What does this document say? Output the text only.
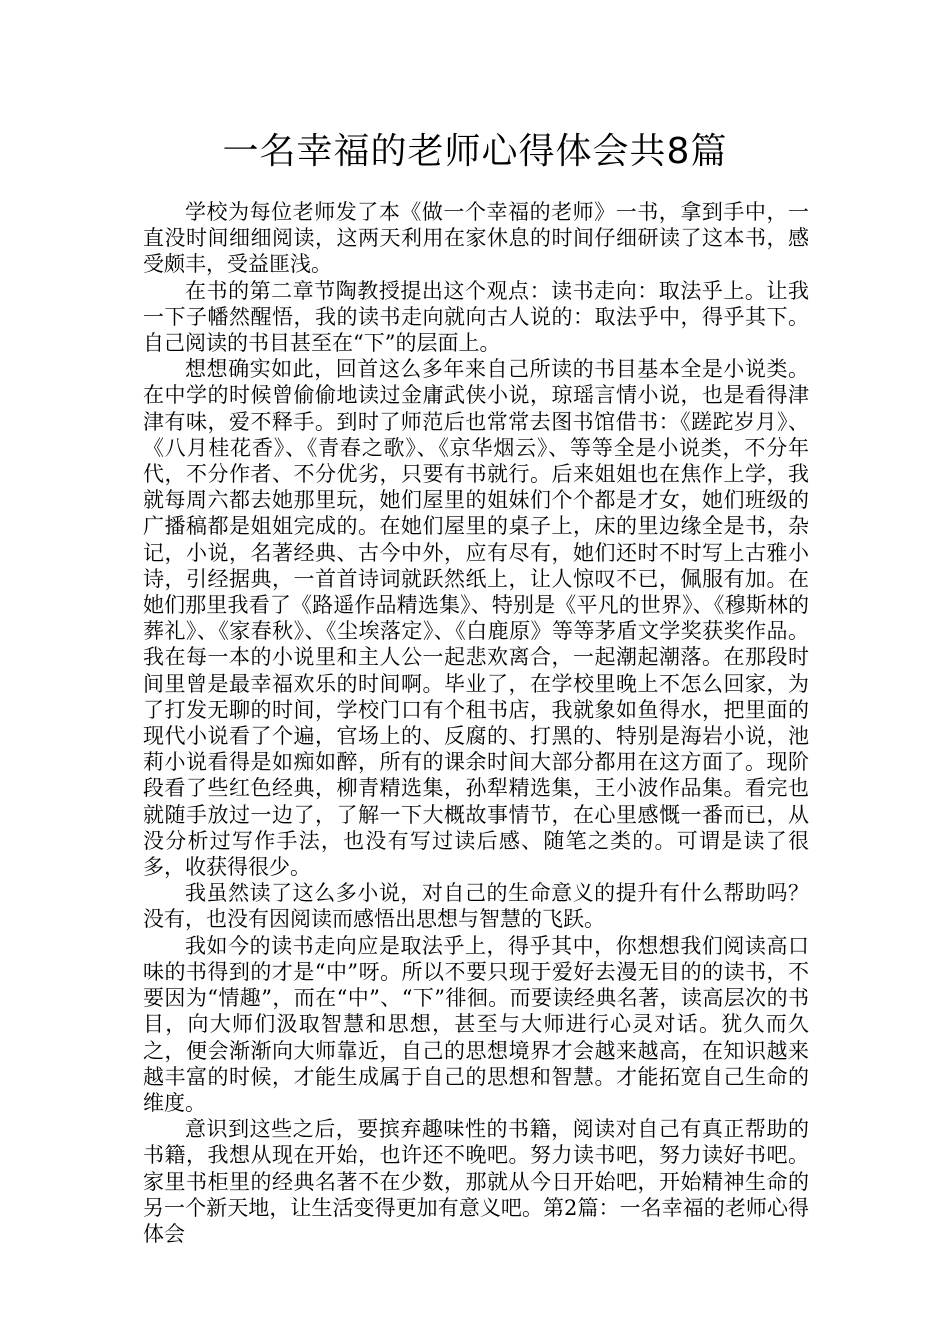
一名幸福的老师心得体会共8篇

学校为每位老师发了本《做一个幸福的老师》一书，拿到手中，一直没时间细细阅读，这两天利用在家休息的时间仔细研读了这本书，感受颇丰，受益匪浅。

在书的第二章节陶教授提出这个观点：读书走向：取法乎上。让我一下子幡然醒悟，我的读书走向就向古人说的：取法乎中，得乎其下。自己阅读的书目甚至在“下”的层面上。

想想确实如此，回首这么多年来自己所读的书目基本全是小说类。在中学的时候曾偷偷地读过金庸武侠小说，琼瑶言情小说，也是看得津津有味，爱不释手。到时了师范后也常常去图书馆借书：《蹉跎岁月》、《八月桂花香》、《青春之歌》、《京华烟云》、等等全是小说类，不分年代，不分作者、不分优劣，只要有书就行。后来姐姐也在焦作上学，我就每周六都去她那里玩，她们屋里的姐妹们个个都是才女，她们班级的广播稿都是姐姐完成的。在她们屋里的桌子上，床的里边缘全是书，杂记，小说，名著经典、古今中外，应有尽有，她们还时不时写上古雅小诗，引经据典，一首首诗词就跃然纸上，让人惊叹不已，佩服有加。在她们那里我看了《路遥作品精选集》、特别是《平凡的世界》、《穆斯林的葬礼》、《家春秋》、《尘埃落定》、《白鹿原》等等茅盾文学奖获奖作品。我在每一本的小说里和主人公一起悲欢离合，一起潮起潮落。在那段时间里曾是最幸福欢乐的时间啊。毕业了，在学校里晚上不怎么回家，为了打发无聊的时间，学校门口有个租书店，我就象如鱼得水，把里面的现代小说看了个遍，官场上的、反腐的、打黑的、特别是海岩小说，池莉小说看得是如痴如醉，所有的课余时间大部分都用在这方面了。现阶段看了些红色经典，柳青精选集，孙犁精选集，王小波作品集。看完也就随手放过一边了，了解一下大概故事情节，在心里感慨一番而已，从没分析过写作手法，也没有写过读后感、随笔之类的。可谓是读了很多，收获得很少。

我虽然读了这么多小说，对自己的生命意义的提升有什么帮助吗？没有，也没有因阅读而感悟出思想与智慧的飞跃。

我如今的读书走向应是取法乎上，得乎其中，你想想我们阅读高口味的书得到的才是“中”呀。所以不要只现于爱好去漫无目的的读书，不要因为“情趣”，而在“中”、“下”徘徊。而要读经典名著，读高层次的书目，向大师们汲取智慧和思想，甚至与大师进行心灵对话。犹久而久之，便会渐渐向大师靠近，自己的思想境界才会越来越高，在知识越来越丰富的时候，才能生成属于自己的思想和智慧。才能拓宽自己生命的维度。

意识到这些之后，要摈弃趣味性的书籍，阅读对自己有真正帮助的书籍，我想从现在开始，也许还不晚吧。努力读书吧，努力读好书吧。家里书柜里的经典名著不在少数，那就从今日开始吧，开始精神生命的另一个新天地，让生活变得更加有意义吧。第2篇：一名幸福的老师心得体会
